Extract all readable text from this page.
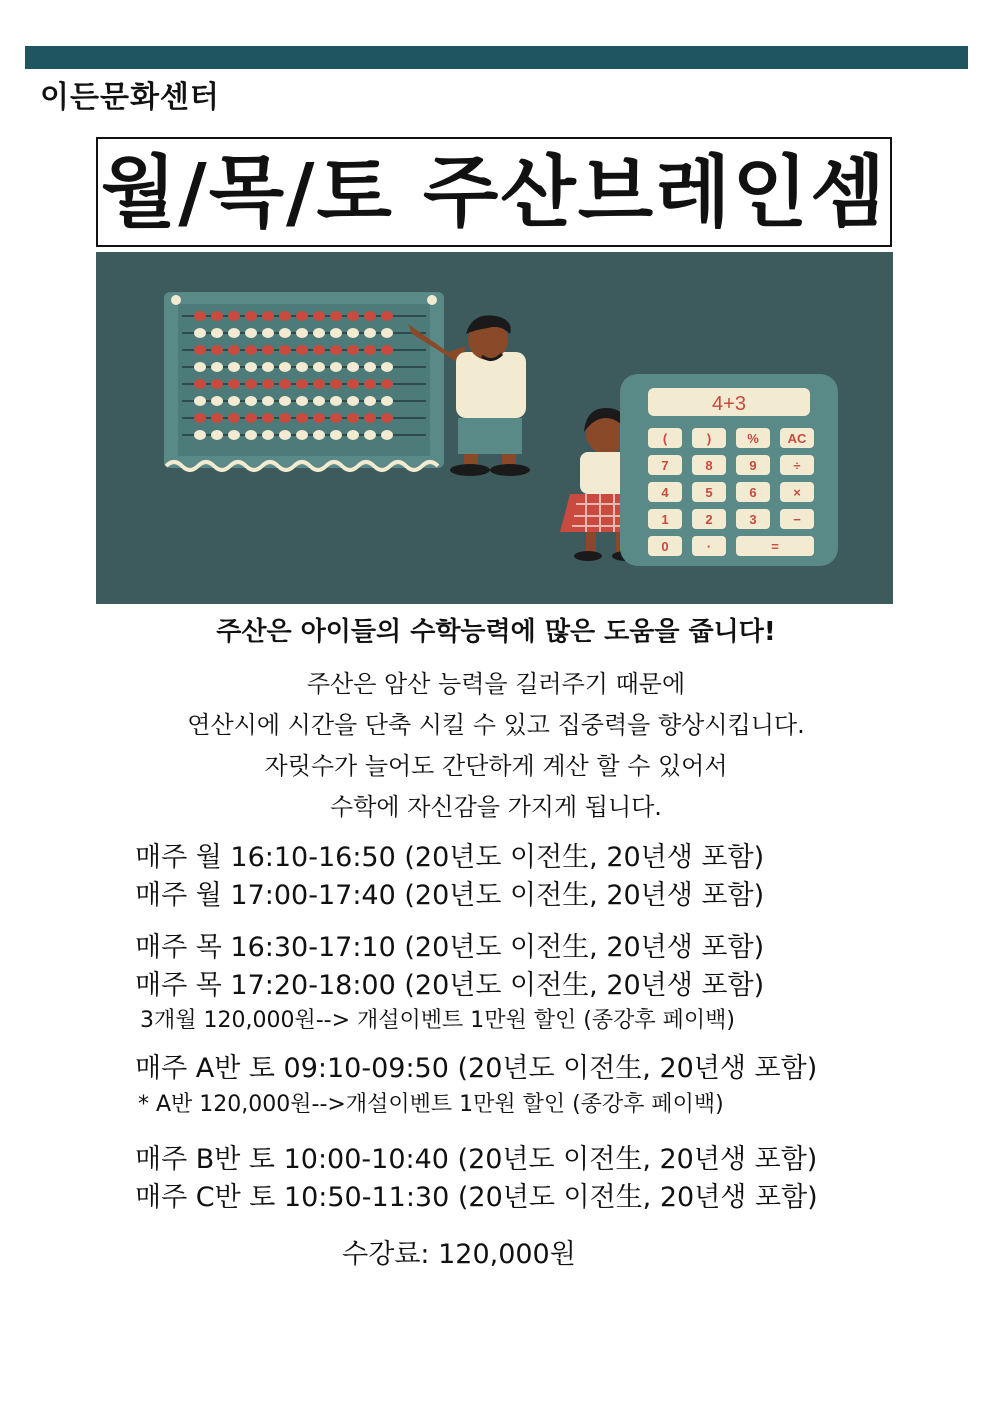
이든문화센터
월/목/토 주산브레인셈
4+3
(	)	% AC
7	8	9	÷
4	5	6	×
1	2	3	−
0	·	=
주산은 아이들의 수학능력에 많은 도움을 줍니다!
주산은 암산 능력을 길러주기 때문에
연산시에 시간을 단축 시킬 수 있고 집중력을 향상시킵니다.
자릿수가 늘어도 간단하게 계산 할 수 있어서
수학에 자신감을 가지게 됩니다.
매주 월 16:10-16:50 (20년도 이전生, 20년생 포함)
매주 월 17:00-17:40 (20년도 이전生, 20년생 포함)
매주 목 16:30-17:10 (20년도 이전生, 20년생 포함)
매주 목 17:20-18:00 (20년도 이전生, 20년생 포함)
3개월 120,000원--> 개설이벤트 1만원 할인 (종강후 페이백)
매주 A반 토 09:10-09:50 (20년도 이전生, 20년생 포함)
* A반 120,000원-->개설이벤트 1만원 할인 (종강후 페이백)
매주 B반 토 10:00-10:40 (20년도 이전生, 20년생 포함)
매주 C반 토 10:50-11:30 (20년도 이전生, 20년생 포함)
수강료: 120,000원
